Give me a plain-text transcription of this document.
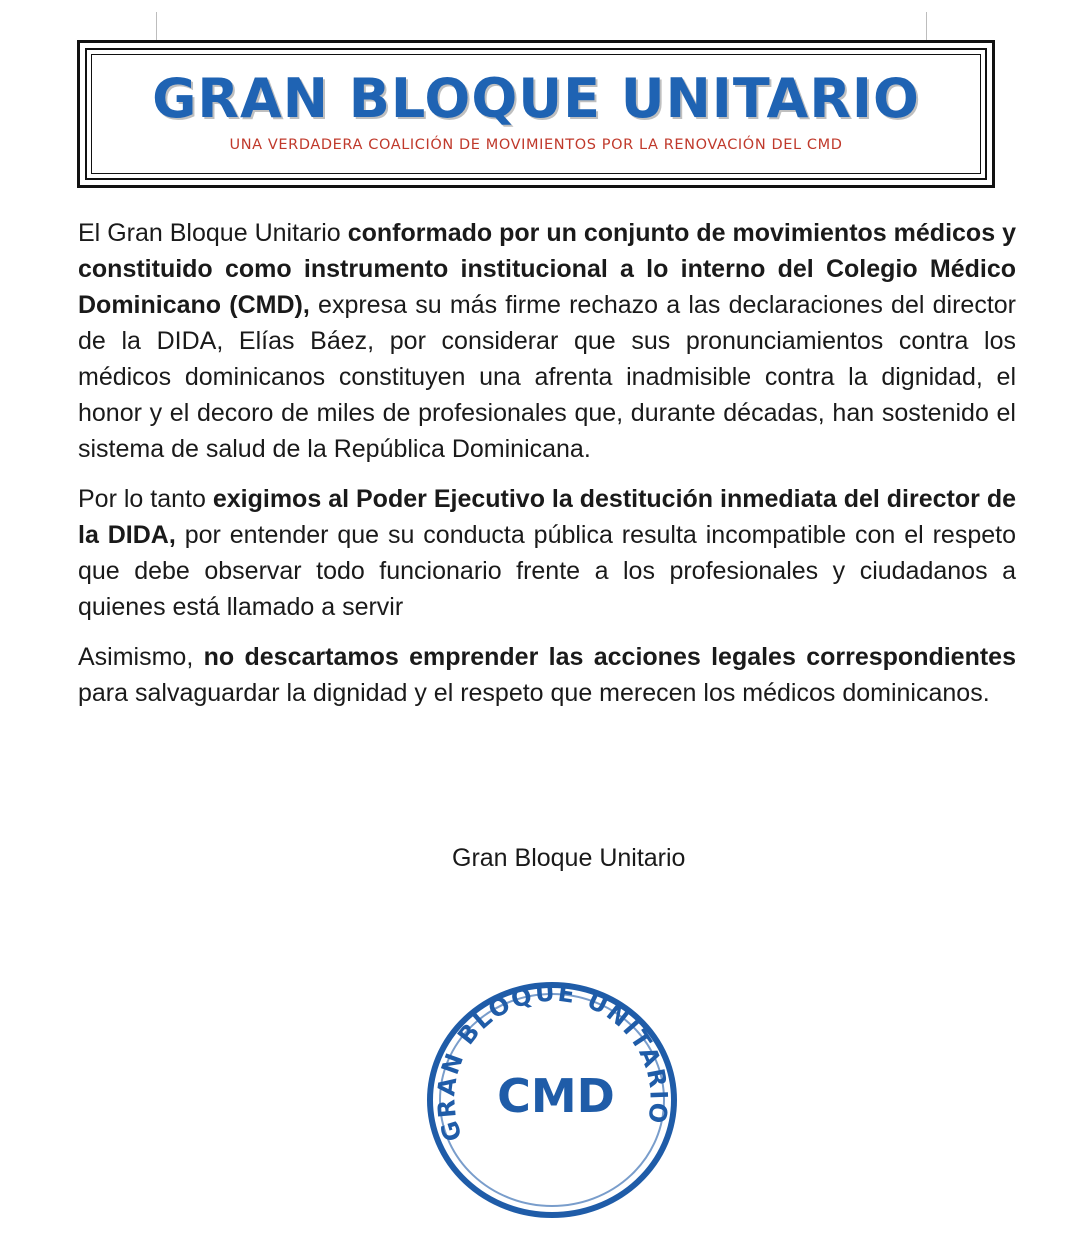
GRAN BLOQUE UNITARIO
UNA VERDADERA COALICIÓN DE MOVIMIENTOS POR LA RENOVACIÓN DEL CMD

El Gran Bloque Unitario conformado por un conjunto de movimientos médicos y constituido como instrumento institucional a lo interno del Colegio Médico Dominicano (CMD), expresa su más firme rechazo a las declaraciones del director de la DIDA, Elías Báez, por considerar que sus pronunciamientos contra los médicos dominicanos constituyen una afrenta inadmisible contra la dignidad, el honor y el decoro de miles de profesionales que, durante décadas, han sostenido el sistema de salud de la República Dominicana.

Por lo tanto exigimos al Poder Ejecutivo la destitución inmediata del director de la DIDA, por entender que su conducta pública resulta incompatible con el respeto que debe observar todo funcionario frente a los profesionales y ciudadanos a quienes está llamado a servir

Asimismo, no descartamos emprender las acciones legales correspondientes para salvaguardar la dignidad y el respeto que merecen los médicos dominicanos.

Gran Bloque Unitario
GRAN BLOQUE UNITARIO
CMD
